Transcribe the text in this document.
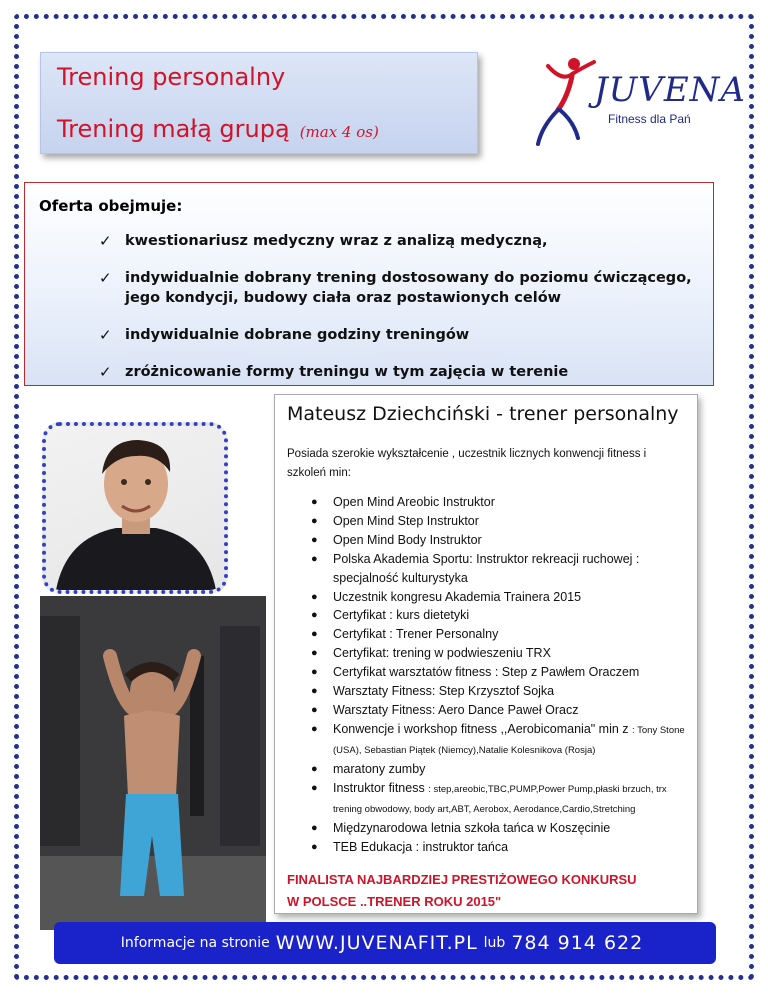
Trening personalny
Trening małą grupą (max 4 os)
JUVENA
Fitness dla Pań
Oferta obejmuje:
✓ kwestionariusz medyczny wraz z analizą medyczną,
✓ indywidualnie dobrany trening dostosowany do poziomu ćwiczącego, jego kondycji, budowy ciała oraz postawionych celów
✓ indywidualnie dobrane godziny treningów
✓ zróżnicowanie formy treningu w tym zajęcia w terenie
Mateusz Dziechciński - trener personalny
Posiada szerokie wykształcenie , uczestnik licznych konwencji fitness i szkoleń min:
● Open Mind Areobic Instruktor
● Open Mind Step Instruktor
● Open Mind Body Instruktor
● Polska Akademia Sportu: Instruktor rekreacji ruchowej : specjalność kulturystyka
● Uczestnik kongresu Akademia Trainera 2015
● Certyfikat : kurs dietetyki
● Certyfikat : Trener Personalny
● Certyfikat: trening w podwieszeniu TRX
● Certyfikat warsztatów fitness : Step z Pawłem Oraczem
● Warsztaty Fitness: Step Krzysztof Sojka
● Warsztaty Fitness: Aero Dance Paweł Oracz
● Konwencje i workshop fitness ,,Aerobicomania" min z : Tony Stone (USA), Sebastian Piątek (Niemcy),Natalie Kolesnikova (Rosja)
● maratony zumby
● Instruktor fitness : step,areobic,TBC,PUMP,Power Pump,płaski brzuch, trx trening obwodowy, body art,ABT, Aerobox, Aerodance,Cardio,Stretching
● Międzynarodowa letnia szkoła tańca w Koszęcinie
● TEB Edukacja : instruktor tańca
FINALISTA NAJBARDZIEJ PRESTIŻOWEGO KONKURSU
W POLSCE ..TRENER ROKU 2015"
Informacje na stronie WWW.JUVENAFIT.PL lub 784 914 622
